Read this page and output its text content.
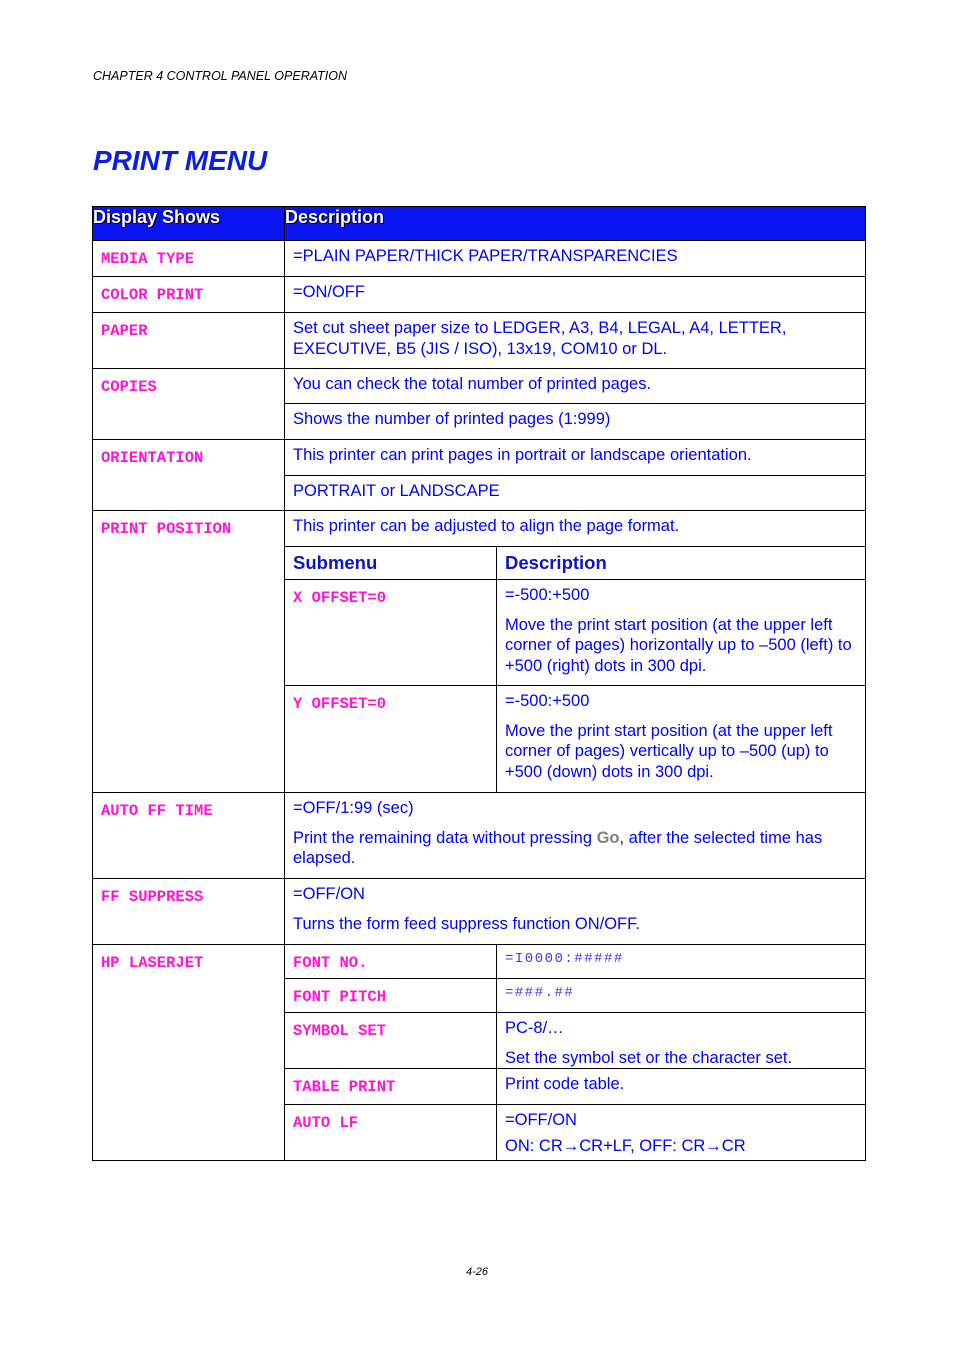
CHAPTER 4 CONTROL PANEL OPERATION
PRINT MENU
Display Shows	Description	

MEDIA TYPE	=PLAIN PAPER/THICK PAPER/TRANSPARENCIES	

COLOR PRINT	=ON/OFF	

PAPER	Set cut sheet paper size to LEDGER, A3, B4, LEGAL, A4, LETTER, EXECUTIVE, B5 (JIS / ISO), 13x19, COM10 or DL.	

COPIES	You can check the total number of printed pages.	

	Shows the number of printed pages (1:999)	

ORIENTATION	This printer can print pages in portrait or landscape orientation.	

	PORTRAIT or LANDSCAPE	

PRINT POSITION	This printer can be adjusted to align the page format.	

	Submenu	Description

	X OFFSET=0	=-500:+500
Move the print start position (at the upper left corner of pages) horizontally up to –500 (left) to +500 (right) dots in 300 dpi.

	Y OFFSET=0	=-500:+500
Move the print start position (at the upper left corner of pages) vertically up to –500 (up) to +500 (down) dots in 300 dpi.

AUTO FF TIME	=OFF/1:99 (sec)
Print the remaining data without pressing Go, after the selected time has elapsed.	

FF SUPPRESS	=OFF/ON
Turns the form feed suppress function ON/OFF.	

HP LASERJET	FONT NO.	=I0000:#####

	FONT PITCH	=###.##

	SYMBOL SET	PC-8/…
Set the symbol set or the character set.

	TABLE PRINT	Print code table.

	AUTO LF	=OFF/ON
ON: CR→CR+LF, OFF: CR→CR
4-26
